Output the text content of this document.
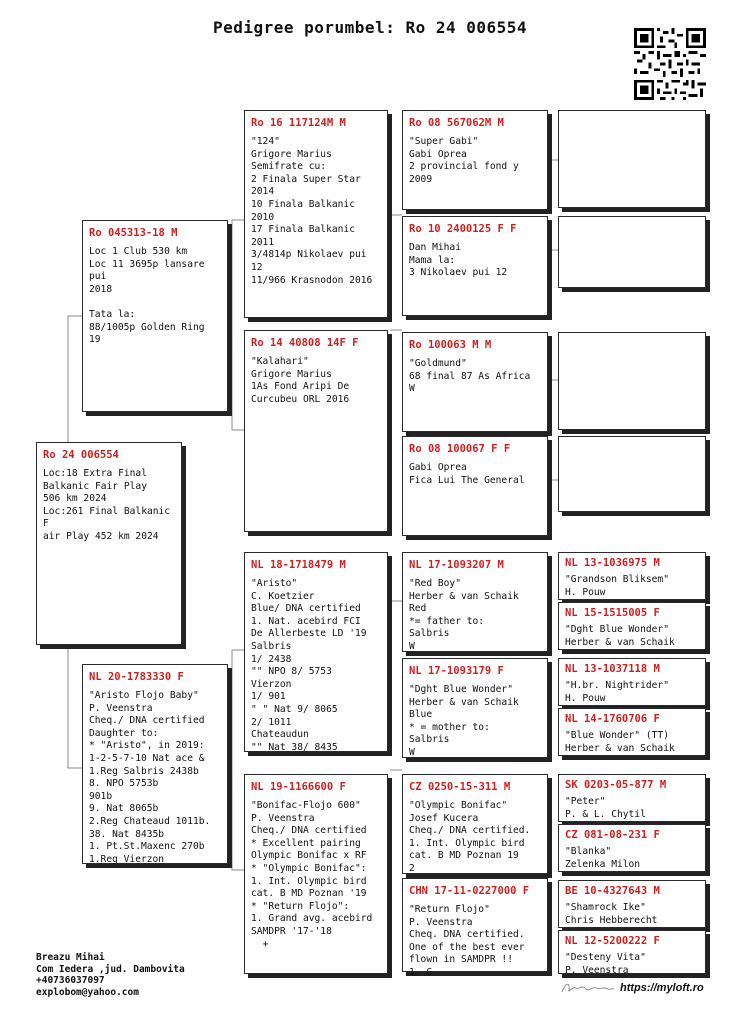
Pedigree porumbel: Ro 24 006554
Ro 24 006554
Loc:18 Extra Final
Balkanic Fair Play
506 km 2024
Loc:261 Final Balkanic F
air Play 452 km 2024
Ro 045313-18 M
Loc 1 Club 530 km
Loc 11 3695p lansare pui
2018

Tata la:
88/1005p Golden Ring 19
NL 20-1783330 F
"Aristo Flojo Baby"
P. Veenstra
Cheq./ DNA certified
Daughter to:
* "Aristo", in 2019:
1-2-5-7-10 Nat ace &
1.Reg Salbris 2438b
8. NPO 5753b
901b
9. Nat 8065b
2.Reg Chateaud 1011b.
38. Nat 8435b
1. Pt.St.Maxenc 270b
1.Reg Vierzon
Ro 16 117124M M
"124"
Grigore Marius
Semifrate cu:
2 Finala Super Star 2014
10 Finala Balkanic 2010
17 Finala Balkanic 2011
3/4814p Nikolaev pui 12
11/966 Krasnodon 2016
Ro 14 40808 14F F
"Kalahari"
Grigore Marius
1As Fond Aripi De
Curcubeu ORL 2016
NL 18-1718479 M
"Aristo"
C. Koetzier
Blue/ DNA certified
1. Nat. acebird FCI
De Allerbeste LD '19
Salbris
1/ 2438
"" NPO 8/ 5753
Vierzon
1/ 901
" " Nat 9/ 8065
2/ 1011
Chateaudun
"" Nat 38/ 8435
NL 19-1166600 F
"Bonifac-Flojo 600"
P. Veenstra
Cheq./ DNA certified
* Excellent pairing
Olympic Bonifac x RF
* "Olympic Bonifac":
1. Int. Olympic bird
cat. B MD Poznan '19
* "Return Flojo":
1. Grand avg. acebird
SAMDPR '17-'18
+
Ro 08 567062M M
"Super Gabi"
Gabi Oprea
2 provincial fond y 2009
Ro 10 2400125 F F
Dan Mihai
Mama la:
3 Nikolaev pui 12
Ro 100063 M M
"Goldmund"
68 final 87 As Africa
W
Ro 08 100067 F F
Gabi Oprea
Fica Lui The General
NL 17-1093207 M
"Red Boy"
Herber & van Schaik
Red
*= father to:
Salbris
W
NL 17-1093179 F
"Dght Blue Wonder"
Herber & van Schaik
Blue
* = mother to:
Salbris
W
CZ 0250-15-311 M
"Olympic Bonifac"
Josef Kucera
Cheq./ DNA certified.
1. Int. Olympic bird
cat. B MD Poznan 19
2
CHN 17-11-0227000 F
"Return Flojo"
P. Veenstra
Cheq. DNA certified.
One of the best ever
flown in SAMDPR !!
1. G
NL 13-1036975 M
"Grandson Bliksem"
H. Pouw
NL 15-1515005 F
"Dght Blue Wonder"
Herber & van Schaik
NL 13-1037118 M
"H.br. Nightrider"
H. Pouw
NL 14-1760706 F
"Blue Wonder" (TT)
Herber & van Schaik
SK 0203-05-877 M
"Peter"
P. & L. Chytil
CZ 081-08-231 F
"Blanka"
Zelenka Milon
BE 10-4327643 M
"Shamrock Ike"
Chris Hebberecht
NL 12-5200222 F
"Desteny Vita"
P. Veenstra
Breazu Mihai
Com Iedera ,jud. Dambovita
+40736037097
explobom@yahoo.com	https://myloft.ro
